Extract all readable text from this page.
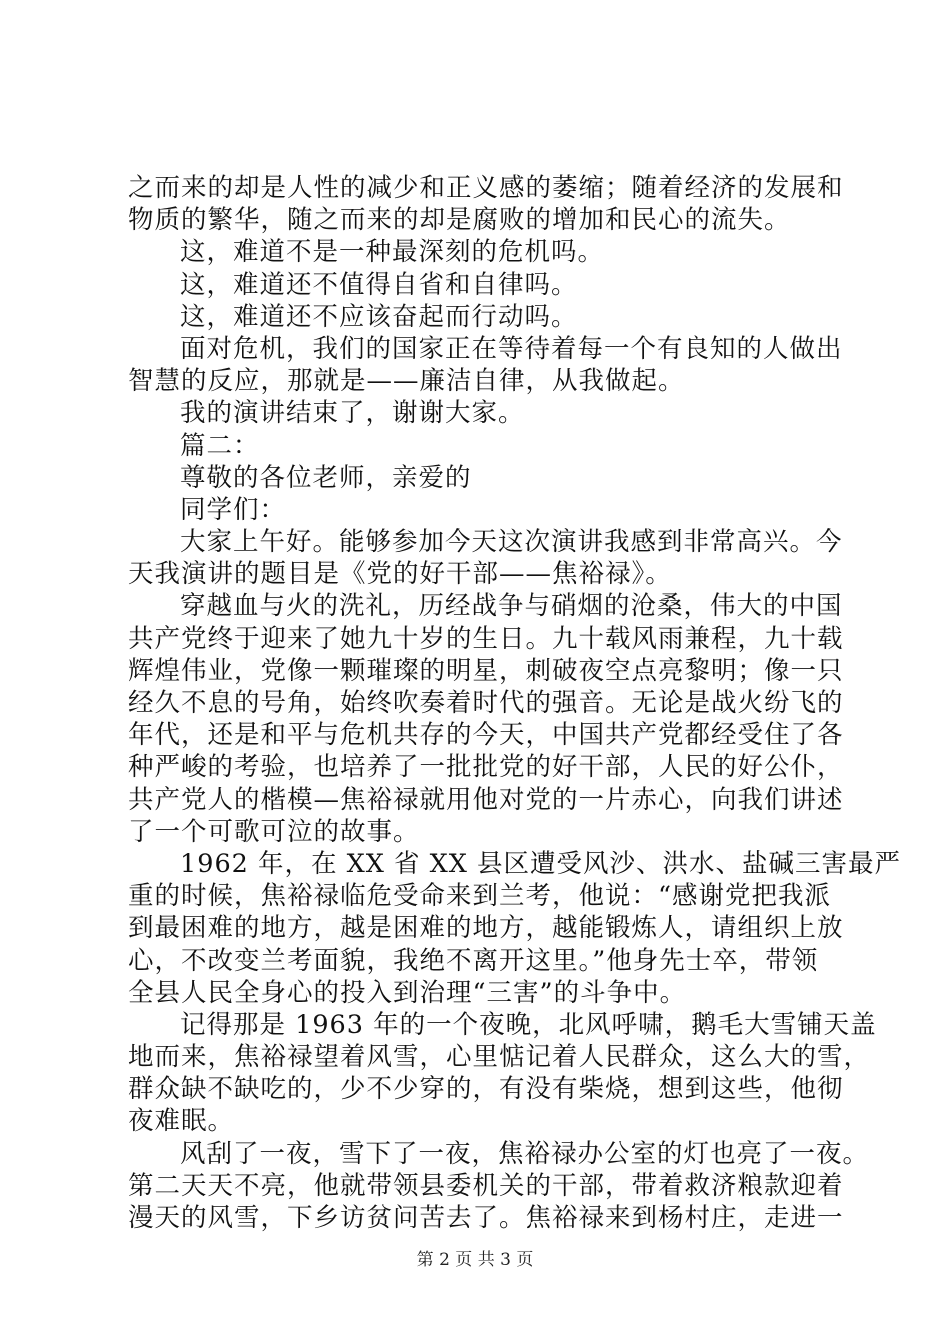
之而来的却是人性的减少和正义感的萎缩；随着经济的发展和
物质的繁华，随之而来的却是腐败的增加和民心的流失。
这，难道不是一种最深刻的危机吗。
这，难道还不值得自省和自律吗。
这，难道还不应该奋起而行动吗。
面对危机，我们的国家正在等待着每一个有良知的人做出
智慧的反应，那就是——廉洁自律，从我做起。
我的演讲结束了，谢谢大家。
篇二：
尊敬的各位老师，亲爱的
同学们：
大家上午好。能够参加今天这次演讲我感到非常高兴。今
天我演讲的题目是《党的好干部——焦裕禄》。
穿越血与火的洗礼，历经战争与硝烟的沧桑，伟大的中国
共产党终于迎来了她九十岁的生日。九十载风雨兼程，九十载
辉煌伟业，党像一颗璀璨的明星，刺破夜空点亮黎明；像一只
经久不息的号角，始终吹奏着时代的强音。无论是战火纷飞的
年代，还是和平与危机共存的今天，中国共产党都经受住了各
种严峻的考验，也培养了一批批党的好干部，人民的好公仆，
共产党人的楷模—焦裕禄就用他对党的一片赤心，向我们讲述
了一个可歌可泣的故事。
1962 年，在 XX 省 XX 县区遭受风沙、洪水、盐碱三害最严
重的时候，焦裕禄临危受命来到兰考，他说：“感谢党把我派
到最困难的地方，越是困难的地方，越能锻炼人，请组织上放
心，不改变兰考面貌，我绝不离开这里。”他身先士卒，带领
全县人民全身心的投入到治理“三害”的斗争中。
记得那是 1963 年的一个夜晚，北风呼啸，鹅毛大雪铺天盖
地而来，焦裕禄望着风雪，心里惦记着人民群众，这么大的雪，
群众缺不缺吃的，少不少穿的，有没有柴烧，想到这些，他彻
夜难眠。
风刮了一夜，雪下了一夜，焦裕禄办公室的灯也亮了一夜。
第二天天不亮，他就带领县委机关的干部，带着救济粮款迎着
漫天的风雪，下乡访贫问苦去了。焦裕禄来到杨村庄，走进一
第 2 页 共 3 页
